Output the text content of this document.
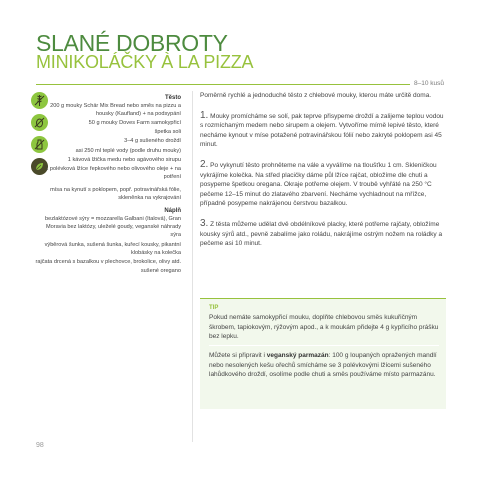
SLANÉ DOBROTY
MINIKOLÁČKY À LA PIZZA
8–10 kusů
Těsto
200 g mouky Schär Mix Bread nebo směs na pizzu a housky (Kaufland) + na podsypání
50 g mouky Doves Farm samokypřicí
špetka soli
3–4 g sušeného droždí
asi 250 ml teplé vody (podle druhu mouky)
1 kávová lžička medu nebo agávového sirupu
1 polévková lžíce řepkového nebo olivového oleje + na potření
mísa na kynutí s poklopem, popř. potravinářská fólie, skleněnka na vykrajování
Náplň
bezlaktózové sýry = mozzarella Galbani (Italová), Gran Moravia bez laktózy, uleželé goudy, veganské náhrady sýra
výběrová šunka, sušená šunka, kuřecí kousky, pikantní klobásky na kolečka
rajčata drcená s bazalkou v plechovce, brokolice, olivy atd.
sušené oregano

Poměrně rychlé a jednoduché těsto z chlebové mouky, kterou máte určitě doma.

1. Mouky promícháme se solí, pak teprve přisypeme droždí a zalijeme teplou vodou s rozmíchaným medem nebo sirupem a olejem. Vytvoříme mírně lepivé těsto, které necháme kynout v míse potažené potravinářskou fólií nebo zakryté poklopem asi 45 minut.

2. Po vykynutí těsto prohněteme na vále a vyválíme na tloušťku 1 cm. Skleničkou vykrájíme kolečka. Na střed placičky dáme půl lžíce rajčat, obložíme dle chuti a posypeme špetkou oregana. Okraje potřeme olejem. V troubě vyhřáté na 250 °C pečeme 12–15 minut do zlatavého zbarvení. Necháme vychladnout na mřížce, případně posypeme nakrájenou čerstvou bazalkou.

3. Z těsta můžeme udělat dvě obdélníkové placky, které potřeme rajčaty, obložíme kousky sýrů atd., pevně zabalíme jako roládu, nakrájíme ostrým nožem na roládky a pečeme asi 10 minut.

TIP
Pokud nemáte samokypřicí mouku, doplňte chlebovou směs kukuřičným škrobem, tapiokovým, rýžovým apod., a k moukám přidejte 4 g kypřicího prášku bez lepku.
Můžete si připravit i veganský parmazán: 100 g loupaných opražených mandlí nebo nesolených kešu ořechů smícháme se 3 polévkovými lžícemi sušeného lahůdkového droždí, osolíme podle chuti a směs používáme místo parmazánu.
98
